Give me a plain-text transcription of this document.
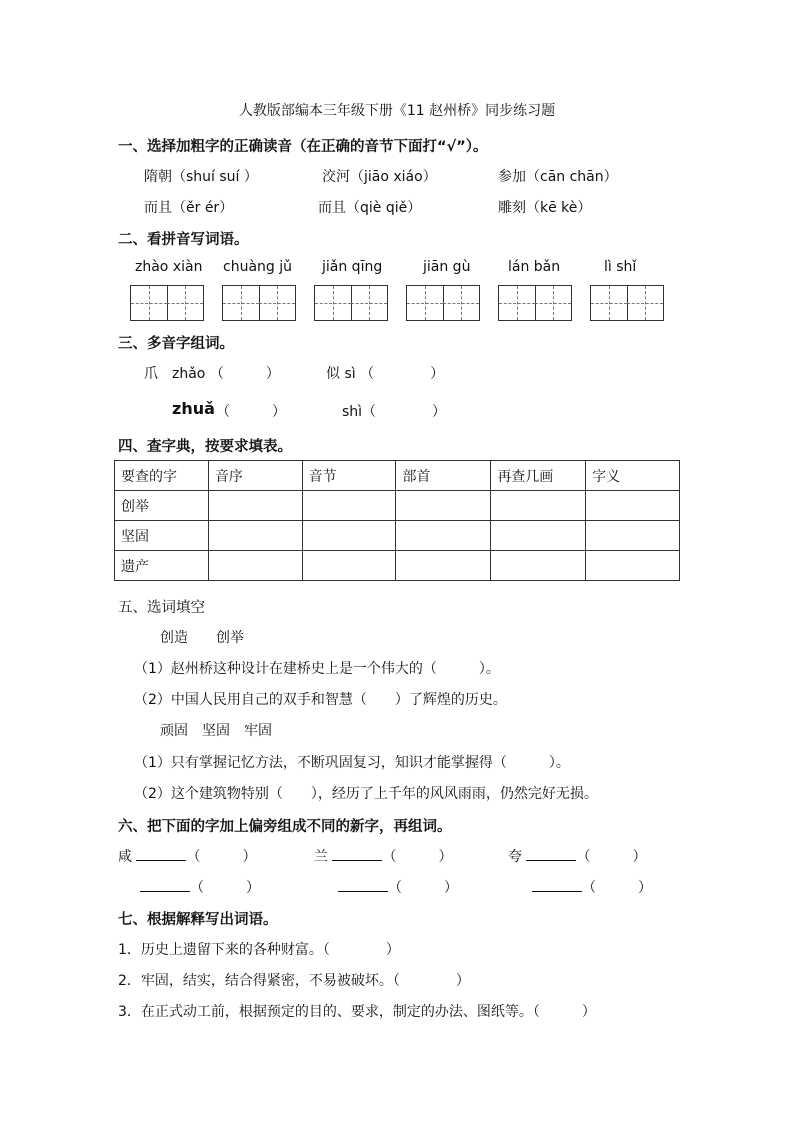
人教版部编本三年级下册《11 赵州桥》同步练习题
一、选择加粗字的正确读音（在正确的音节下面打“√”）。
隋朝（shuí suí ）	洨河（jiāo xiáo）	参加（cān chān）
而且（ěr ér）	而且（qiè qiě）	雕刻（kē kè）
二、看拼音写词语。
zhào xiàn chuàng jǔ jiǎn qīng	jiān gù	lán bǎn	lì shǐ
三、多音字组词。
爪　zhǎo （　　　）	似 sì （　　　　）
zhuǎ （　　　）	shì（　　　　）
四、查字典，按要求填表。
要查的字	音序	音节	部首	再查几画	字义
创举					
坚固					
遗产					
五、选词填空
创造　　创举
（1）赵州桥这种设计在建桥史上是一个伟大的（　　　）。
（2）中国人民用自己的双手和智慧（　　）了辉煌的历史。
顽固　坚固　牢固
（1）只有掌握记忆方法，不断巩固复习，知识才能掌握得（　　　）。
（2）这个建筑物特别（　　），经历了上千年的风风雨雨，仍然完好无损。
六、把下面的字加上偏旁组成不同的新字，再组词。
咸	（　　　）	兰	（　　　）	夸	（　　　）
（　　　）	（　　　）	（　　　）
七、根据解释写出词语。
1．历史上遗留下来的各种财富。（　　　　）
2．牢固，结实，结合得紧密，不易被破坏。（　　　　）
3．在正式动工前，根据预定的目的、要求，制定的办法、图纸等。（　　　）
